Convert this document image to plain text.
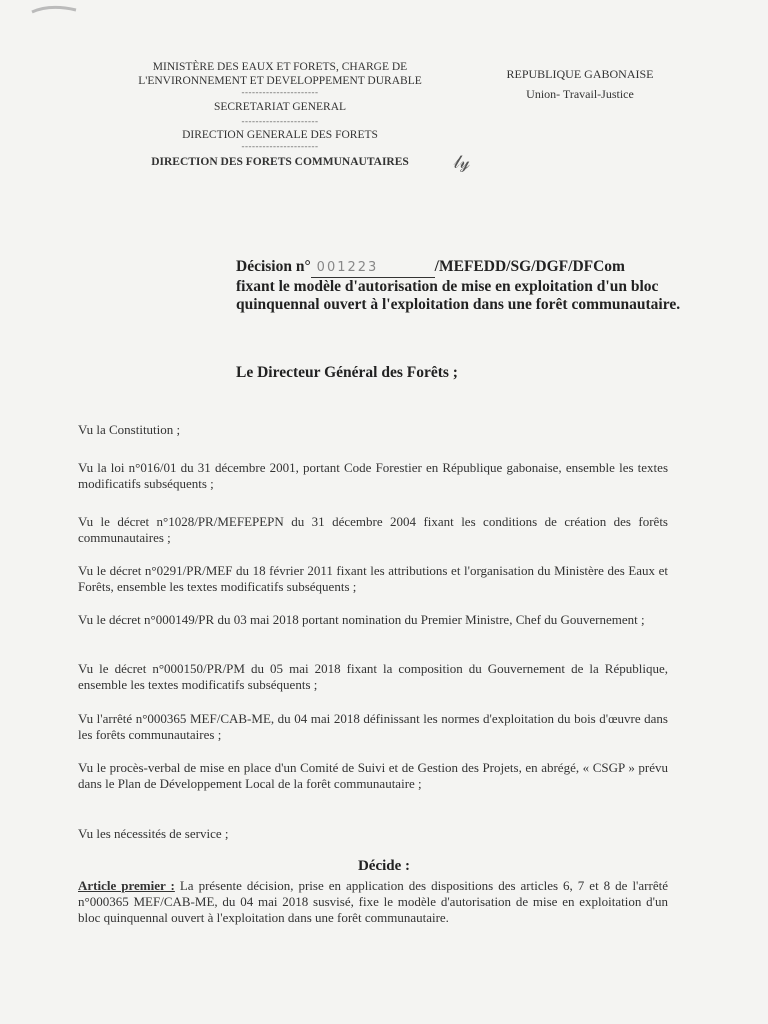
MINISTÈRE DES EAUX ET FORETS, CHARGE DE
L'ENVIRONNEMENT ET DEVELOPPEMENT DURABLE
----------------------
SECRETARIAT GENERAL
----------------------
DIRECTION GENERALE DES FORETS
----------------------
DIRECTION DES FORETS COMMUNAUTAIRES	𝓁𝓎
REPUBLIQUE GABONAISE
Union- Travail-Justice
Décision n° 001223	/MEFEDD/SG/DGF/DFCom
fixant le modèle d'autorisation de mise en exploitation d'un bloc quinquennal ouvert à l'exploitation dans une forêt communautaire.
Le Directeur Général des Forêts ;
Vu la Constitution ;
Vu la loi n°016/01 du 31 décembre 2001, portant Code Forestier en République gabonaise, ensemble les textes modificatifs subséquents ;
Vu le décret n°1028/PR/MEFEPEPN du 31 décembre 2004 fixant les conditions de création des forêts communautaires ;
Vu le décret n°0291/PR/MEF du 18 février 2011 fixant les attributions et l'organisation du Ministère des Eaux et Forêts, ensemble les textes modificatifs subséquents ;
Vu le décret n°000149/PR du 03 mai 2018 portant nomination du Premier Ministre, Chef du Gouvernement ;
Vu le décret n°000150/PR/PM du 05 mai 2018 fixant la composition du Gouvernement de la République, ensemble les textes modificatifs subséquents ;
Vu l'arrêté n°000365 MEF/CAB-ME, du 04 mai 2018 définissant les normes d'exploitation du bois d'œuvre dans les forêts communautaires ;
Vu le procès-verbal de mise en place d'un Comité de Suivi et de Gestion des Projets, en abrégé, « CSGP » prévu dans le Plan de Développement Local de la forêt communautaire ;
Vu les nécessités de service ;
Décide :
Article premier : La présente décision, prise en application des dispositions des articles 6, 7 et 8 de l'arrêté n°000365 MEF/CAB-ME, du 04 mai 2018 susvisé, fixe le modèle d'autorisation de mise en exploitation d'un bloc quinquennal ouvert à l'exploitation dans une forêt communautaire.
